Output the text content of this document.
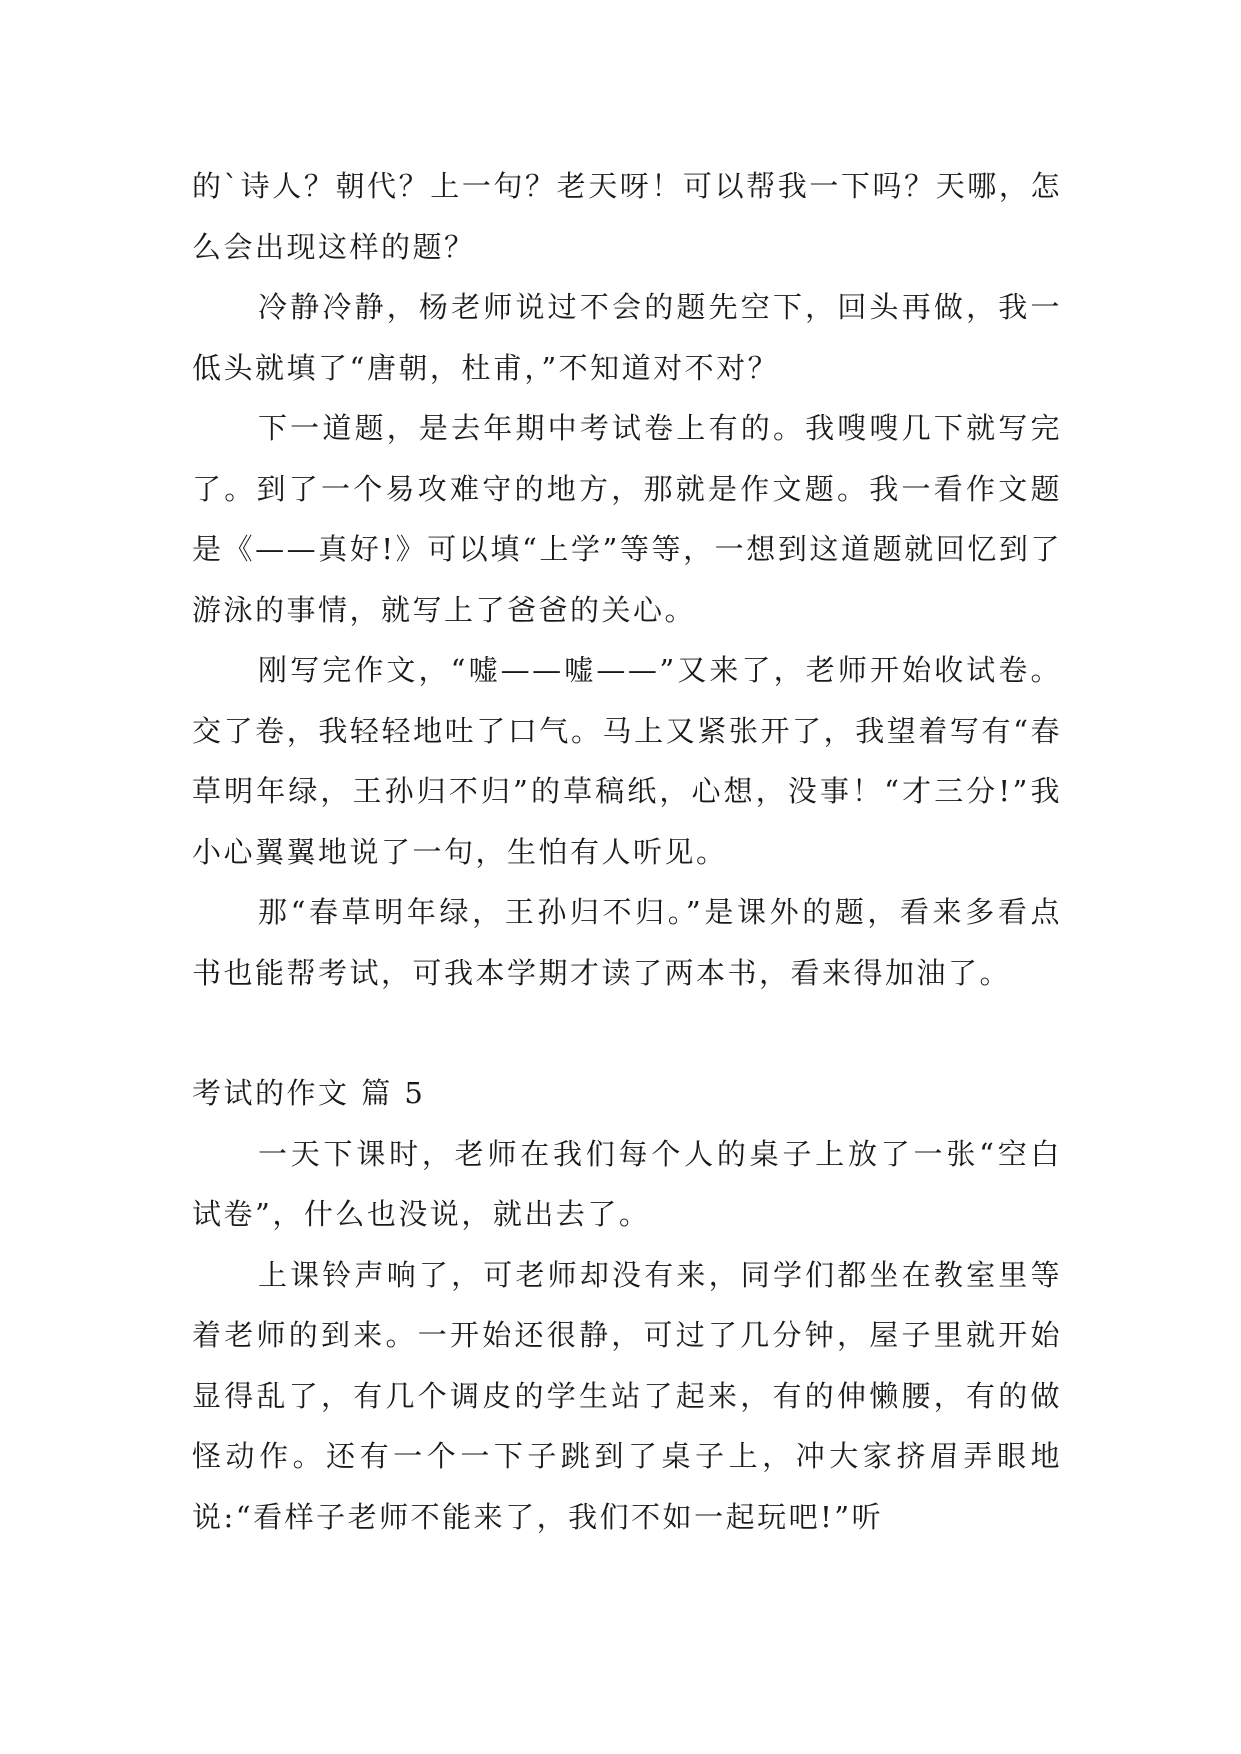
的`诗人？朝代？上一句？老天呀！可以帮我一下吗？天哪，怎么会出现这样的题？

冷静冷静，杨老师说过不会的题先空下，回头再做，我一低头就填了“唐朝，杜甫，”不知道对不对？

下一道题，是去年期中考试卷上有的。我嗖嗖几下就写完了。到了一个易攻难守的地方，那就是作文题。我一看作文题是《——真好!》可以填“上学”等等，一想到这道题就回忆到了游泳的事情，就写上了爸爸的关心。

刚写完作文，“嘘——嘘——”又来了，老师开始收试卷。交了卷，我轻轻地吐了口气。马上又紧张开了，我望着写有“春草明年绿，王孙归不归”的草稿纸，心想，没事！“才三分!”我小心翼翼地说了一句，生怕有人听见。

那“春草明年绿，王孙归不归。”是课外的题，看来多看点书也能帮考试，可我本学期才读了两本书，看来得加油了。

考试的作文 篇 5

一天下课时，老师在我们每个人的桌子上放了一张“空白试卷”，什么也没说，就出去了。

上课铃声响了，可老师却没有来，同学们都坐在教室里等着老师的到来。一开始还很静，可过了几分钟，屋子里就开始显得乱了，有几个调皮的学生站了起来，有的伸懒腰，有的做怪动作。还有一个一下子跳到了桌子上，冲大家挤眉弄眼地说:“看样子老师不能来了，我们不如一起玩吧!”听
